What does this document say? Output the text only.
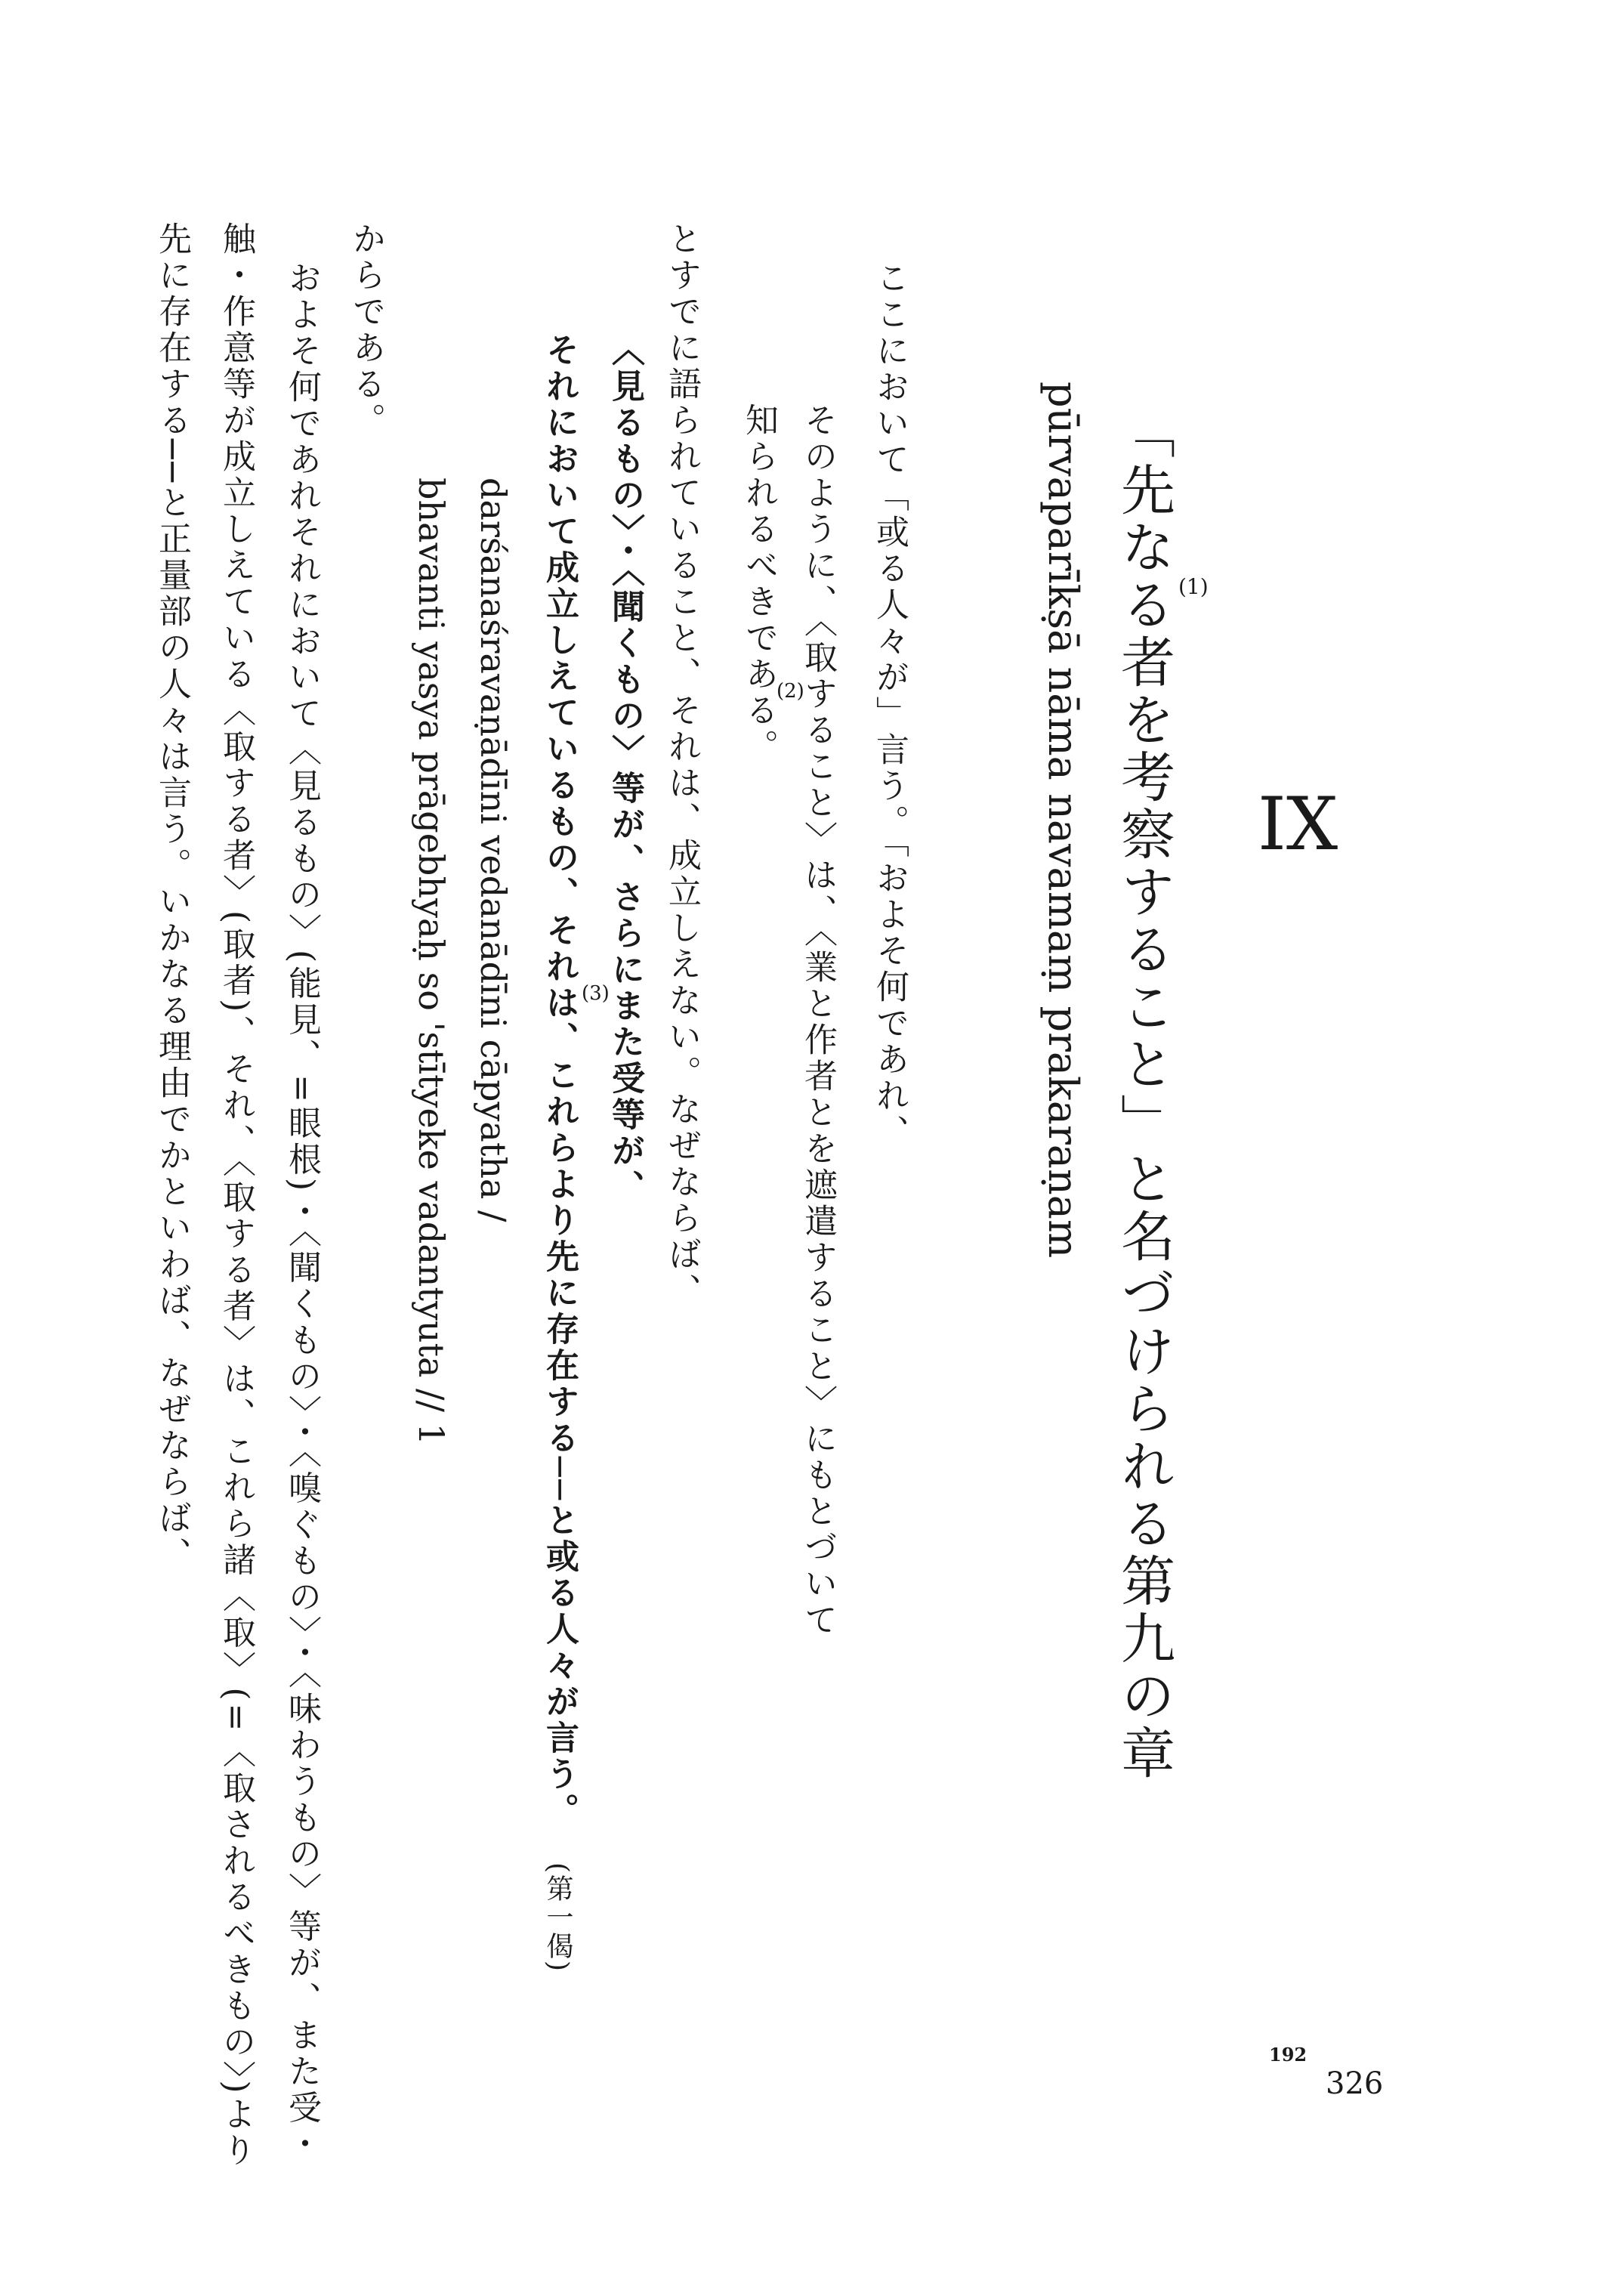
IX

「先なる者を考察すること」と名づけられる第九の章 (1)

pūrvaparīkṣā nāma navamaṃ prakaraṇam

ここにおいて「或る人々が」言う。「およそ何であれ、

そのように、〈取すること〉は、〈業と作者とを遮遣すること〉にもとづいて

知られるべきである。

(2)

とすでに語られていること、それは、成立しえない。なぜならば、

〈見るもの〉・〈聞くもの〉等が、さらにまた受等が、

それにおいて成立しえているもの、それは、これらより先に存在する──と或る人々が言う。 (3)

(第一偈)

darśanaśravaṇādīni vedanādīni cāpyatha /

bhavanti yasya prāgebhyaḥ so 'stītyeke vadantyuta // 1

からである。

およそ何であれそれにおいて〈見るもの〉(能見、=眼根)・〈聞くもの〉・〈嗅ぐもの〉・〈味わうもの〉等が、また受・

触・作意等が成立しえている〈取する者〉(取者)、それ、〈取する者〉は、これら諸〈取〉(=〈取されるべきもの〉)より

先に存在する──と正量部の人々は言う。いかなる理由でかといわば、なぜならば、

192

326
